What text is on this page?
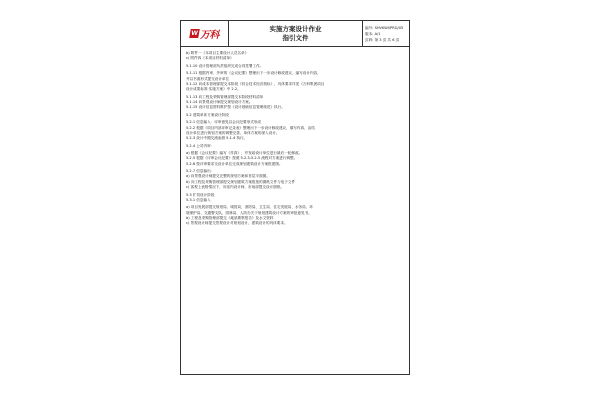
W 万科
实施方案设计作业
指引文件
编号: SHVKWI/PRG/05
版本: A/1
页码: 第 3 页 共 6 页
b) 附件一《本项目主要设计人员名单》
c) 附件四《本项目材料清单》
5.1.10 设计管理部负责组织完成合同签署工作。
5.1.11 根据内审、外审的《会议纪要》整理出下一步设计修改建议，编写设计内容，
并以书面形式提交设计单位
5.1.12 向成本管理部提交本阶段《综合技术经济指标》，具体要求详见《万科集团项目
设计成果标准·实施方案》中 2.2。
5.1.13 向工程及采购管理部提交本阶段材料清单
5.1.14 向景观设计师提交规划设计方案。
5.1.15 设计信息资料维护按《设计基础信息管理规范》执行。
5.2 建筑单体方案设计阶段
5.2.1 信息输入：评审意见以会议纪要形式形成
5.2.2 根据《项目内部评审记录表》整理出下一步设计修改建议，填写作真，由结
设计单位进行规划方案的调整完善，单体方案的深入设计。
5.2.3 设计中期交流参照 5.1.4 执行。
5.2.4 公司内审：
a) 根据《会议纪要》编写《作真》，并发给设计单位进行最后一轮修改。
5.2.5 根据《评审会议纪要》按照 5.2.3-5.2.5 流程对方案进行调整。
5.2.6 按评审要求交设计单位完成规划建筑设计方案报建图。
5.2.7 信息输出：
a) 向景观设计师提交完整的规划方案和首层平面图。
b) 向工程及采购管理部提交规划建筑方案报批的图纸文件与电子文件
c) 客观上表格情况下，向室内设计师、市场部提交设计图纸。
5.3 扩初设计阶段
5.3.1 信息输入
a) 项目发展部提交规划局、城管局、消防局、卫生局、住宅发展局、水务局、环
境保护局、交通警支队、园林局、人防办关于规划建筑设计方案的审批意见书。
b) 工程及采购管理部提交《地质勘察报告》及水文资料
c) 景观设计师提交景观设计对规划设计、建筑设计的具体要求。
